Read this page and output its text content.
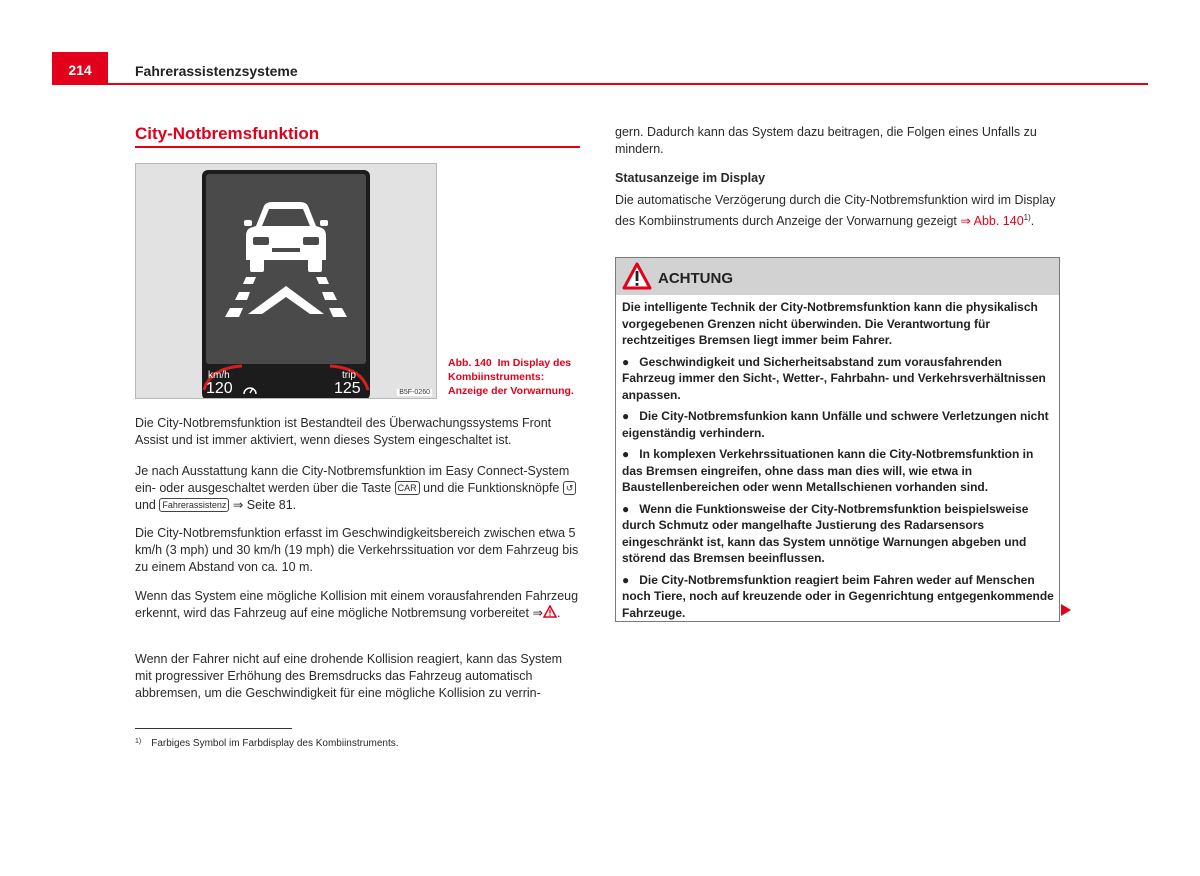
214	Fahrerassistenzsysteme
City-Notbremsfunktion
km/h
120
trip
125	B5F-0260
Abb. 140 Im Display des Kombiinstruments: Anzeige der Vorwarnung.
Die City-Notbremsfunktion ist Bestandteil des Überwachungssystems Front Assist und ist immer aktiviert, wenn dieses System eingeschaltet ist.
Je nach Ausstattung kann die City-Notbremsfunktion im Easy Connect-System ein- oder ausgeschaltet werden über die Taste CAR und die Funktionsknöpfe ↺ und Fahrerassistenz ⇒ Seite 81.
Die City-Notbremsfunktion erfasst im Geschwindigkeitsbereich zwischen etwa 5 km/h (3 mph) und 30 km/h (19 mph) die Verkehrssituation vor dem Fahrzeug bis zu einem Abstand von ca. 10 m.
Wenn das System eine mögliche Kollision mit einem vorausfahrenden Fahrzeug erkennt, wird das Fahrzeug auf eine mögliche Notbremsung vorbereitet ⇒ .
Wenn der Fahrer nicht auf eine drohende Kollision reagiert, kann das System mit progressiver Erhöhung des Bremsdrucks das Fahrzeug automatisch abbremsen, um die Geschwindigkeit für eine mögliche Kollision zu verrin-
$^{1)}$ Farbiges Symbol im Farbdisplay des Kombiinstruments.
gern. Dadurch kann das System dazu beitragen, die Folgen eines Unfalls zu mindern.
Statusanzeige im Display
Die automatische Verzögerung durch die City-Notbremsfunktion wird im Display des Kombiinstruments durch Anzeige der Vorwarnung gezeigt ⇒ Abb. 140$^{1)}$.
ACHTUNG

Die intelligente Technik der City-Notbremsfunktion kann die physikalisch vorgegebenen Grenzen nicht überwinden. Die Verantwortung für rechtzeitiges Bremsen liegt immer beim Fahrer.

● Geschwindigkeit und Sicherheitsabstand zum vorausfahrenden Fahrzeug immer den Sicht-, Wetter-, Fahrbahn- und Verkehrsverhältnissen anpassen.

● Die City-Notbremsfunkion kann Unfälle und schwere Verletzungen nicht eigenständig verhindern.

● In komplexen Verkehrssituationen kann die City-Notbremsfunktion in das Bremsen eingreifen, ohne dass man dies will, wie etwa in Baustellenbereichen oder wenn Metallschienen vorhanden sind.

● Wenn die Funktionsweise der City-Notbremsfunktion beispielsweise durch Schmutz oder mangelhafte Justierung des Radarsensors eingeschränkt ist, kann das System unnötige Warnungen abgeben und störend das Bremsen beeinflussen.

● Die City-Notbremsfunktion reagiert beim Fahren weder auf Menschen noch Tiere, noch auf kreuzende oder in Gegenrichtung entgegenkommende Fahrzeuge.
